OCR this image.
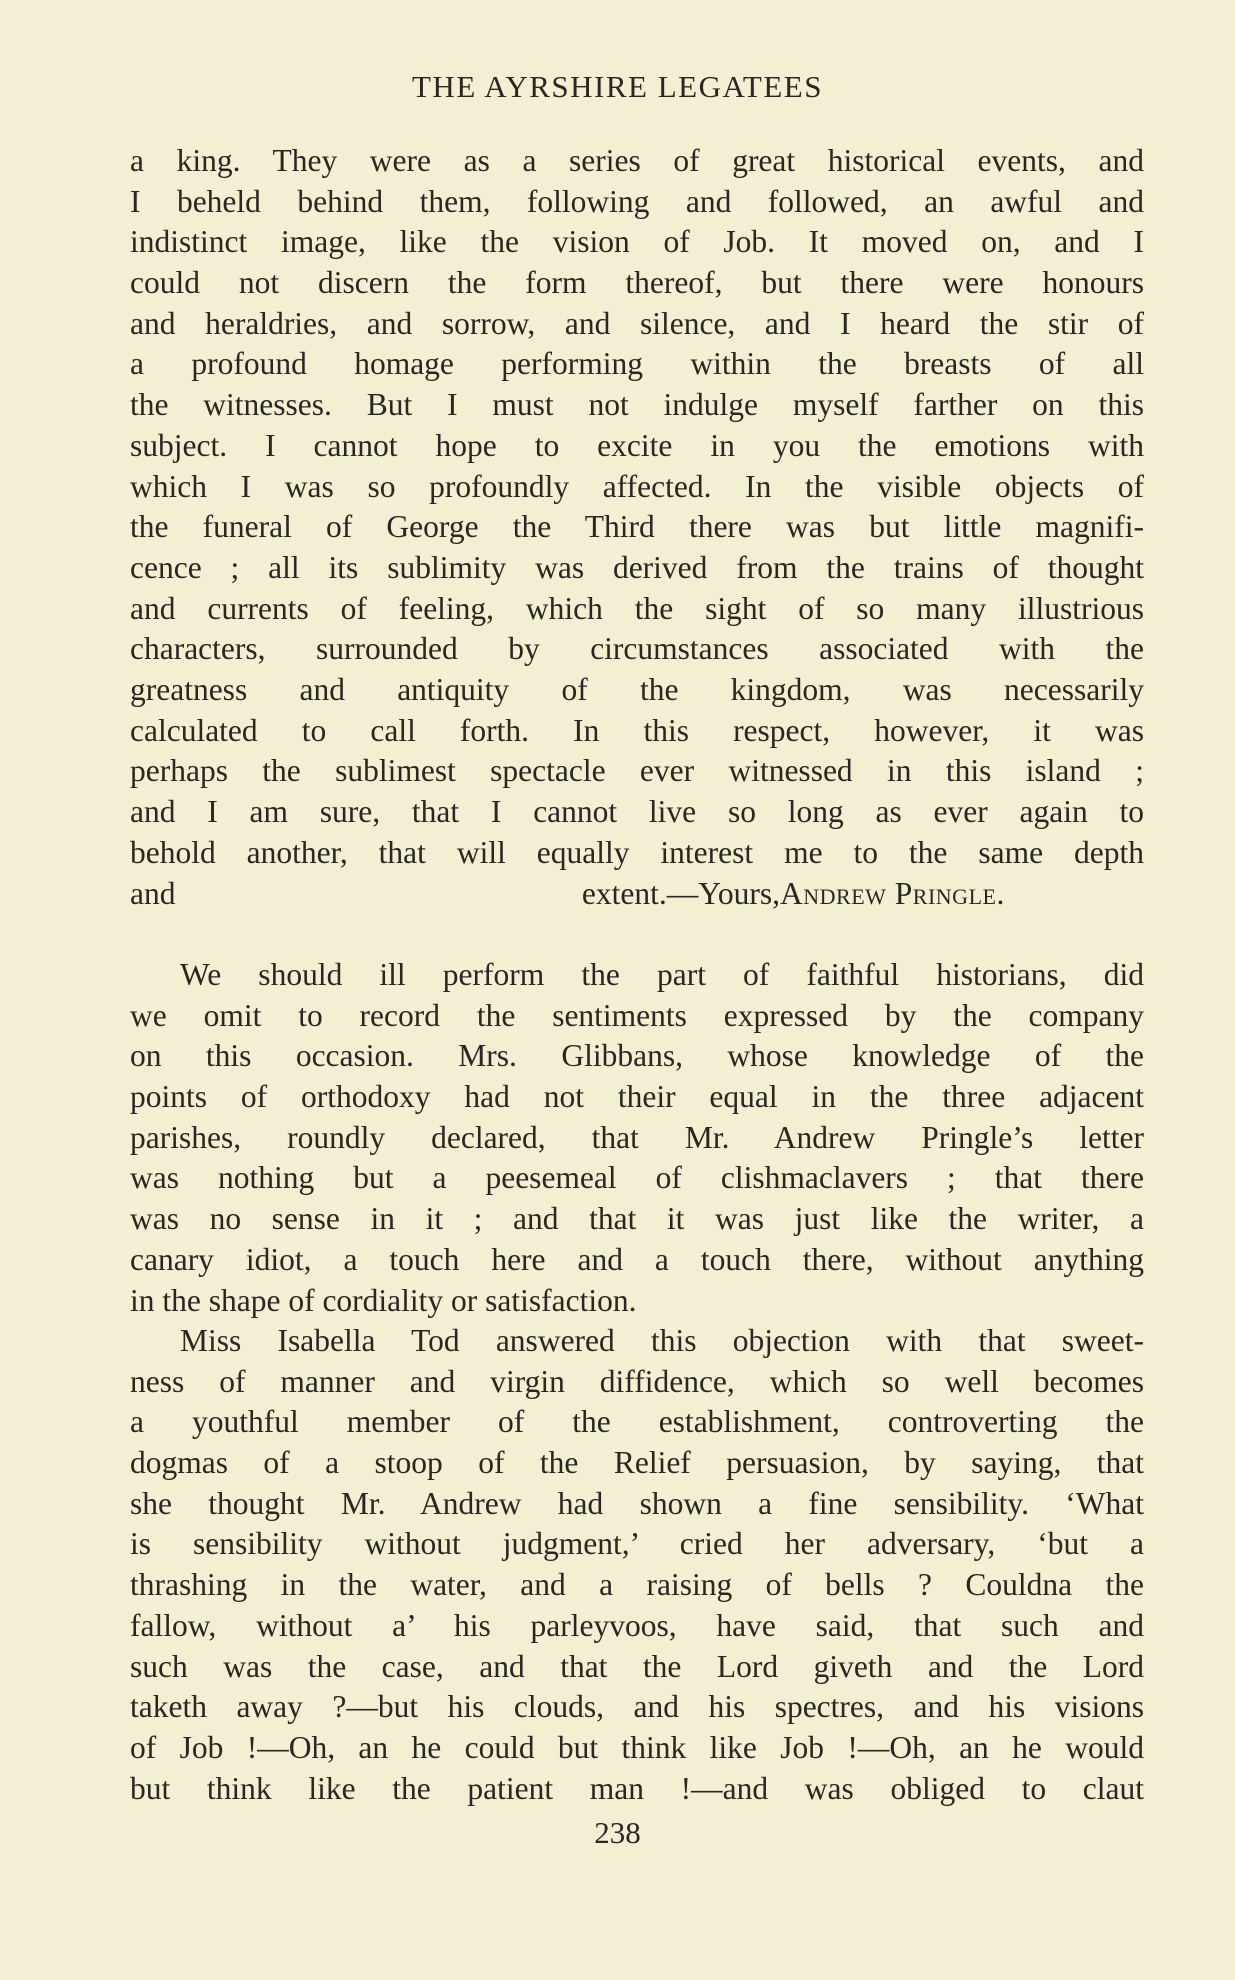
THE AYRSHIRE LEGATEES
a king. They were as a series of great historical events, and
I beheld behind them, following and followed, an awful and
indistinct image, like the vision of Job. It moved on, and I
could not discern the form thereof, but there were honours
and heraldries, and sorrow, and silence, and I heard the stir of
a profound homage performing within the breasts of all
the witnesses. But I must not indulge myself farther on this
subject. I cannot hope to excite in you the emotions with
which I was so profoundly affected. In the visible objects of
the funeral of George the Third there was but little magnifi-
cence ; all its sublimity was derived from the trains of thought
and currents of feeling, which the sight of so many illustrious
characters, surrounded by circumstances associated with the
greatness and antiquity of the kingdom, was necessarily
calculated to call forth. In this respect, however, it was
perhaps the sublimest spectacle ever witnessed in this island ;
and I am sure, that I cannot live so long as ever again to
behold another, that will equally interest me to the same depth
and extent.—Yours, Andrew Pringle.
We should ill perform the part of faithful historians, did
we omit to record the sentiments expressed by the company
on this occasion. Mrs. Glibbans, whose knowledge of the
points of orthodoxy had not their equal in the three adjacent
parishes, roundly declared, that Mr. Andrew Pringle’s letter
was nothing but a peesemeal of clishmaclavers ; that there
was no sense in it ; and that it was just like the writer, a
canary idiot, a touch here and a touch there, without anything
in the shape of cordiality or satisfaction.
Miss Isabella Tod answered this objection with that sweet-
ness of manner and virgin diffidence, which so well becomes
a youthful member of the establishment, controverting the
dogmas of a stoop of the Relief persuasion, by saying, that
she thought Mr. Andrew had shown a fine sensibility. ‘What
is sensibility without judgment,’ cried her adversary, ‘but a
thrashing in the water, and a raising of bells ? Couldna the
fallow, without a’ his parleyvoos, have said, that such and
such was the case, and that the Lord giveth and the Lord
taketh away ?—but his clouds, and his spectres, and his visions
of Job !—Oh, an he could but think like Job !—Oh, an he would
but think like the patient man !—and was obliged to claut
238
